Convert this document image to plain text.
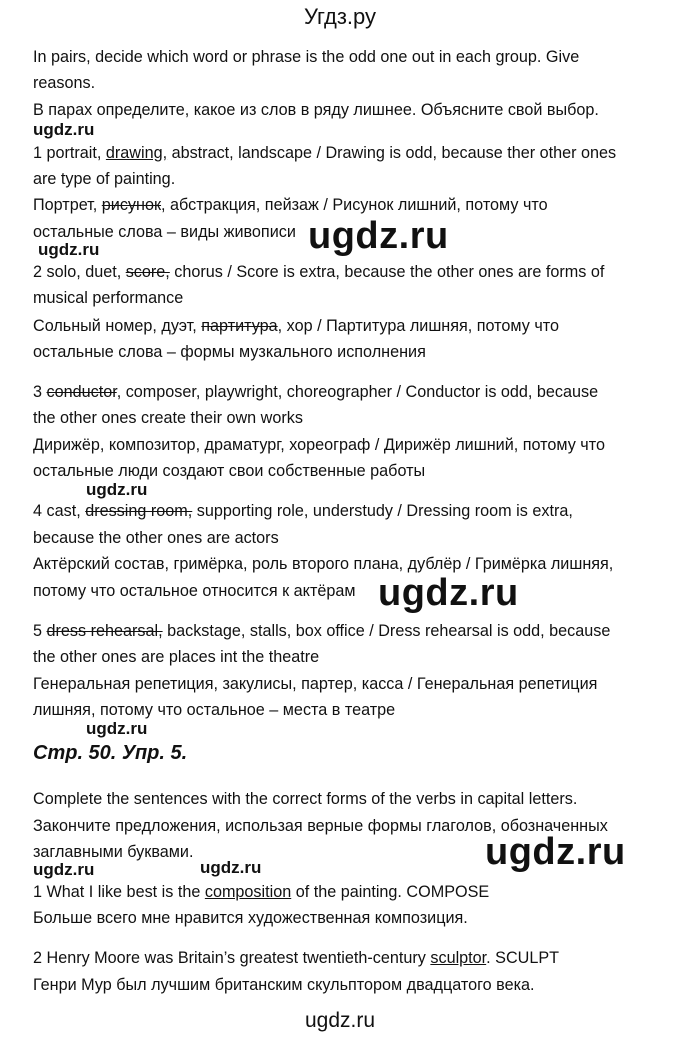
Угдз.ру
In pairs, decide which word or phrase is the odd one out in each group. Give
reasons.
В парах определите, какое из слов в ряду лишнее. Объясните свой выбор.
1 portrait, drawing, abstract, landscape / Drawing is odd, because ther other ones
are type of painting.
Портрет, рисунок, абстракция, пейзаж / Рисунок лишний, потому что
остальные слова – виды живописи
2 solo, duet, score, chorus / Score is extra, because the other ones are forms of
musical performance
Сольный номер, дуэт, партитура, хор / Партитура лишняя, потому что
остальные слова – формы музкального исполнения
3 conductor, composer, playwright, choreographer / Conductor is odd, because
the other ones create their own works
Дирижёр, композитор, драматург, хореограф / Дирижёр лишний, потому что
остальные люди создают свои собственные работы
4 cast, dressing room, supporting role, understudy / Dressing room is extra,
because the other ones are actors
Актёрский состав, гримёрка, роль второго плана, дублёр / Гримёрка лишняя,
потому что остальное относится к актёрам
5 dress rehearsal, backstage, stalls, box office / Dress rehearsal is odd, because
the other ones are places int the theatre
Генеральная репетиция, закулисы, партер, касса / Генеральная репетиция
лишняя, потому что остальное – места в театре
Стр. 50. Упр. 5.
Complete the sentences with the correct forms of the verbs in capital letters.
Закончите предложения, использая верные формы глаголов, обозначенных
заглавными буквами.
1 What I like best is the composition of the painting. COMPOSE
Больше всего мне нравится художественная композиция.
2 Henry Moore was Britain’s greatest twentieth-century sculptor. SCULPT
Генри Мур был лучшим британским скульптором двадцатого века.
ugdz.ru
ugdz.ru
ugdz.ru
ugdz.ru
ugdz.ru	ugdz.ru
ugdz.ru
ugdz.ru
ugdz.ru
ugdz.ru
